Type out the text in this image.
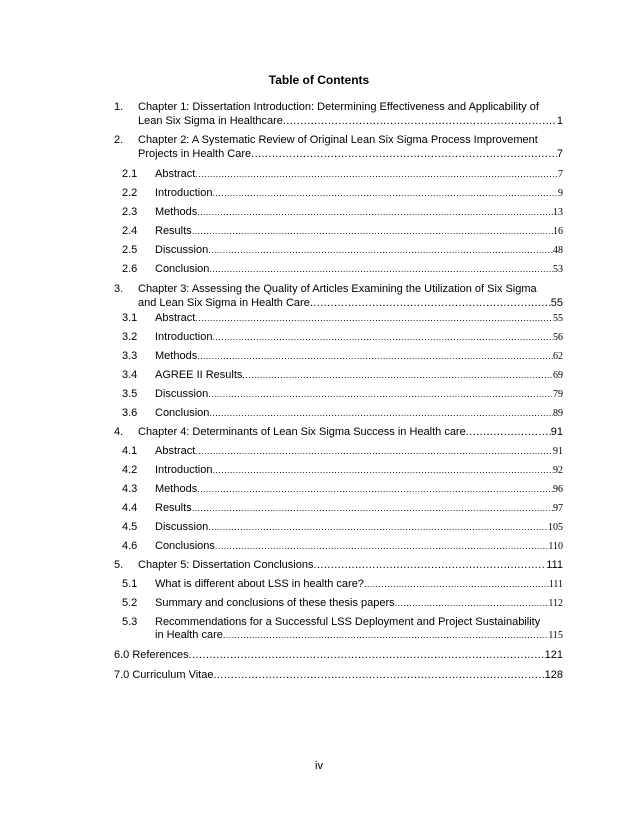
Table of Contents
1. Chapter 1: Dissertation Introduction: Determining Effectiveness and Applicability of
Lean Six Sigma in Healthcare .....	1
2. Chapter 2: A Systematic Review of Original Lean Six Sigma Process Improvement
Projects in Health Care .....	7
2.1 Abstract .....	7
2.2 Introduction .....	9
2.3 Methods .....	13
2.4 Results .....	16
2.5 Discussion .....	48
2.6 Conclusion .....	53
3. Chapter 3: Assessing the Quality of Articles Examining the Utilization of Six Sigma
and Lean Six Sigma in Health Care .....	55
3.1 Abstract .....	55
3.2 Introduction .....	56
3.3 Methods .....	62
3.4 AGREE II Results .....	69
3.5 Discussion .....	79
3.6 Conclusion .....	89
4. Chapter 4: Determinants of Lean Six Sigma Success in Health care .....	91
4.1 Abstract .....	91
4.2 Introduction .....	92
4.3 Methods .....	96
4.4 Results .....	97
4.5 Discussion .....	105
4.6 Conclusions .....	110
5. Chapter 5: Dissertation Conclusions .....	111
5.1 What is different about LSS in health care? .....	111
5.2 Summary and conclusions of these thesis papers .....	112
5.3 Recommendations for a Successful LSS Deployment and Project Sustainability
in Health care .....	115
6.0 References .....	121
7.0 Curriculum Vitae .....	128
iv
